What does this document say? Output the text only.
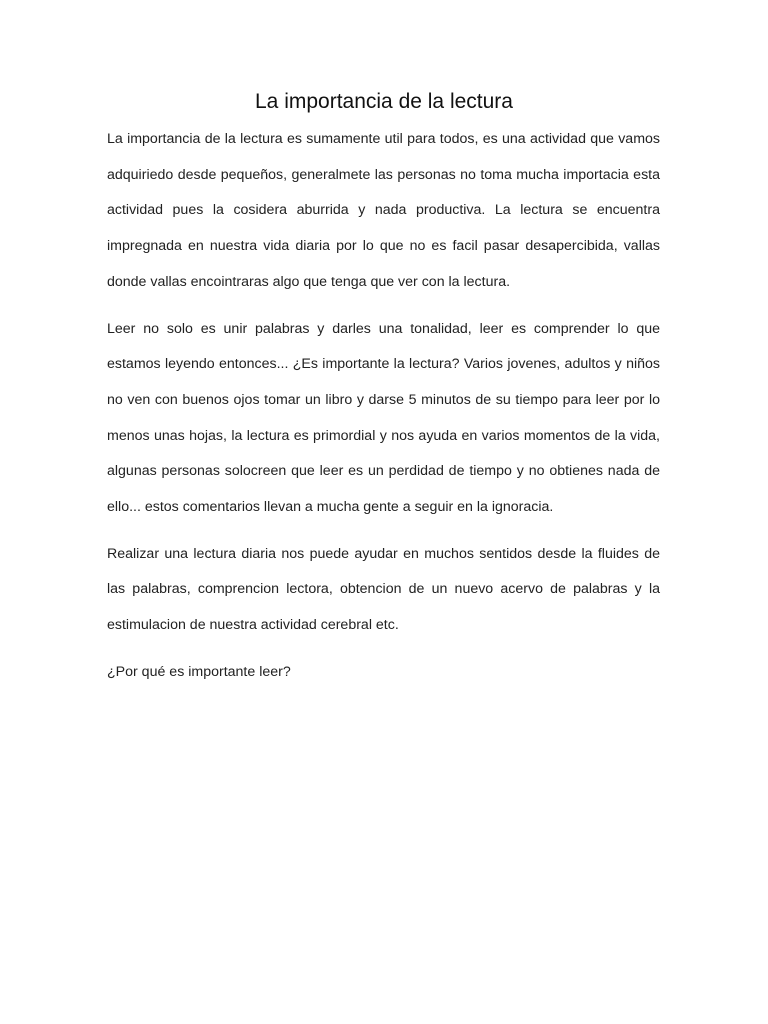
La importancia de la lectura

La importancia de la lectura es sumamente util para todos, es una actividad que vamos adquiriedo desde pequeños, generalmete las personas no toma mucha importacia esta actividad pues la cosidera aburrida y nada productiva. La lectura se encuentra impregnada en nuestra vida diaria por lo que no es facil pasar desapercibida, vallas donde vallas encointraras algo que tenga que ver con la lectura.

Leer no solo es unir palabras y darles una tonalidad, leer es comprender lo que estamos leyendo entonces... ¿Es importante la lectura? Varios jovenes, adultos y niños no ven con buenos ojos tomar un libro y darse 5 minutos de su tiempo para leer por lo menos unas hojas, la lectura es primordial y nos ayuda en varios momentos de la vida, algunas personas solocreen que leer es un perdidad de tiempo y no obtienes nada de ello... estos comentarios llevan a mucha gente a seguir en la ignoracia.

Realizar una lectura diaria nos puede ayudar en muchos sentidos desde la fluides de las palabras, comprencion lectora, obtencion de un nuevo acervo de palabras y la estimulacion de nuestra actividad cerebral etc.

¿Por qué es importante leer?
